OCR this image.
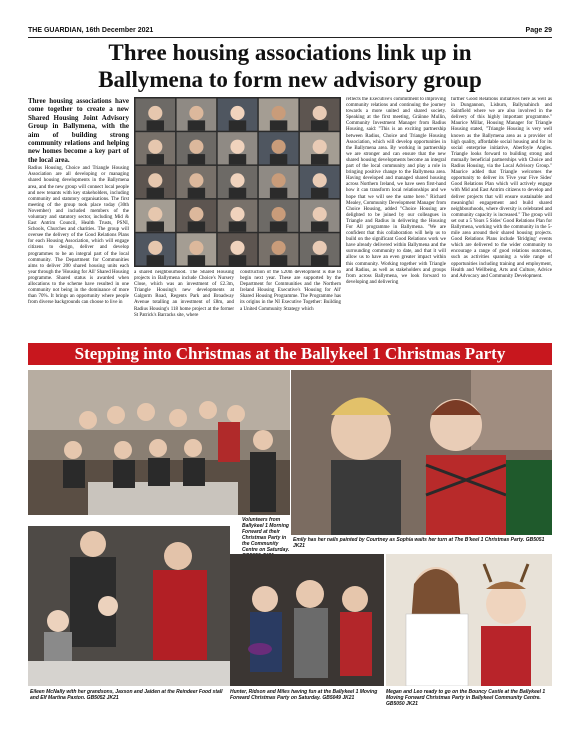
THE GUARDIAN, 16th December 2021	Page 29
Three housing associations link up in
Ballymena to form new advisory group
Three housing associations have come together to create a new Shared Housing Joint Advisory Group in Ballymena, with the aim of building strong community relations and helping new homes become a key part of the local area.
Radius Housing, Choice and Triangle Housing Association are all developing or managing shared housing developments in the Ballymena area, and the new group will connect local people and new tenants with key stakeholders, including community and statutory organisations. The first meeting of the group took place today (30th November) and included members of the voluntary and statutory sector, including Mid & East Antrim Council, Health Trusts, PSNI, Schools, Churches and charities. The group will oversee the delivery of the Good Relations Plans for each Housing Association, which will engage citizens to design, deliver and develop programmes to be an integral part of the local community. The Department for Communities aims to deliver 200 shared housing units each year through the 'Housing for All' Shared Housing programme. Shared status is awarded when allocations to the scheme have resulted in one community not being in the dominance of more than 70%. It brings an opportunity where people from diverse backgrounds can choose to live in
a shared neighbourhood. The Shared Housing projects in Ballymena include Choice's Nursery Close, which was an investment of £2.3m, Triangle Housing's new developments at Galgorm Road, Regents Park and Broadway Avenue totalling an investment of £8m, and Radius Housing's 118 home project at the former St Patrick's Barracks site, where
construction of the £20m development is due to begin next year. These are supported by the Department for Communities and the Northern Ireland Housing Executive's 'Housing for All' Shared Housing Programme. The Programme has its origins in the NI Executive Together: Building a United Community Strategy which
reflects the Executive's commitment to improving community relations and continuing the journey towards a more united and shared society. Speaking at the first meeting, Gráinne Mullin, Community Investment Manager from Radius Housing, said: "This is an exciting partnership between Radius, Choice and Triangle Housing Association, which will develop opportunities in the Ballymena area. By working in partnership we are stronger and can ensure that the new shared housing developments become an integral part of the local community and play a role in bringing positive change to the Ballymena area. Having developed and managed shared housing across Northern Ireland, we have seen first-hand how it can transform local relationships and we hope that we will see the same here." Richard Mealey, Community Development Manager from Choice Housing, added "Choice Housing are delighted to be joined by our colleagues in Triangle and Radius in delivering the Housing For All programme in Ballymena. "We are confident that this collaboration will help us to build on the significant Good Relations work we have already delivered within Ballymena and the surrounding community to date, and that it will allow us to have an even greater impact within this community. Working together with Triangle and Radius, as well as stakeholders and groups from across Ballymena, we look forward to developing and delivering
further Good Relations initiatives here as well as in Dungannon, Lisburn, Ballynahinch and Saintfield where we are also involved in the delivery of this highly important programme." Maurice Millar, Housing Manager for Triangle Housing stated, "Triangle Housing is very well known as the Ballymena area as a provider of high quality, affordable social housing and for its social enterprise initiative, Aberfoyle Angles. Triangle looks forward to building strong and mutually beneficial partnerships with Choice and Radius Housing, via the Local Advisory Group." Maurice added that Triangle welcomes the opportunity to deliver its 'Five year Five Sides' Good Relations Plan which will actively engage with Mid and East Antrim citizens to develop and deliver projects that will ensure sustainable and meaningful engagement and build shared neighbourhoods, where diversity is celebrated and community capacity is increased." The group will set out a 5 Years 5 Sides' Good Relations Plan for Ballymena, working with the community in the 5-mile area around their shared housing projects. Good Relations Plans include 'Bridging' events which are delivered to the wider community to encourage a range of good relations outcomes, such as activities spanning a wide range of opportunities including training and employment, Health and Wellbeing, Arts and Culture, Advice and Advocacy and Community Development.
Stepping into Christmas at the Ballykeel 1 Christmas Party
Volunteers from Ballykeel 1 Morning Forward at their Christmas Party in the Community Centre on Saturday.
Emily has her nails painted by Courtney as Sophia waits her turn at The B'keel 1 Christmas Party. GB5051 JK21
Eileen McNally with her grandsons, Jaxson and Jaiden at the Reindeer Food stall and Elf Martina Paxton. GB5052 JK21
Hunter, Ridson and Miles having fun at the Ballykeel 1 Moving Forward Christmas Party on Saturday. GB5049 JK21
Megan and Leo ready to go on the Bouncy Castle at the Ballykeel 1 Moving Forward Christmas Party in Ballykeel Community Centre. GB5050 JK21
